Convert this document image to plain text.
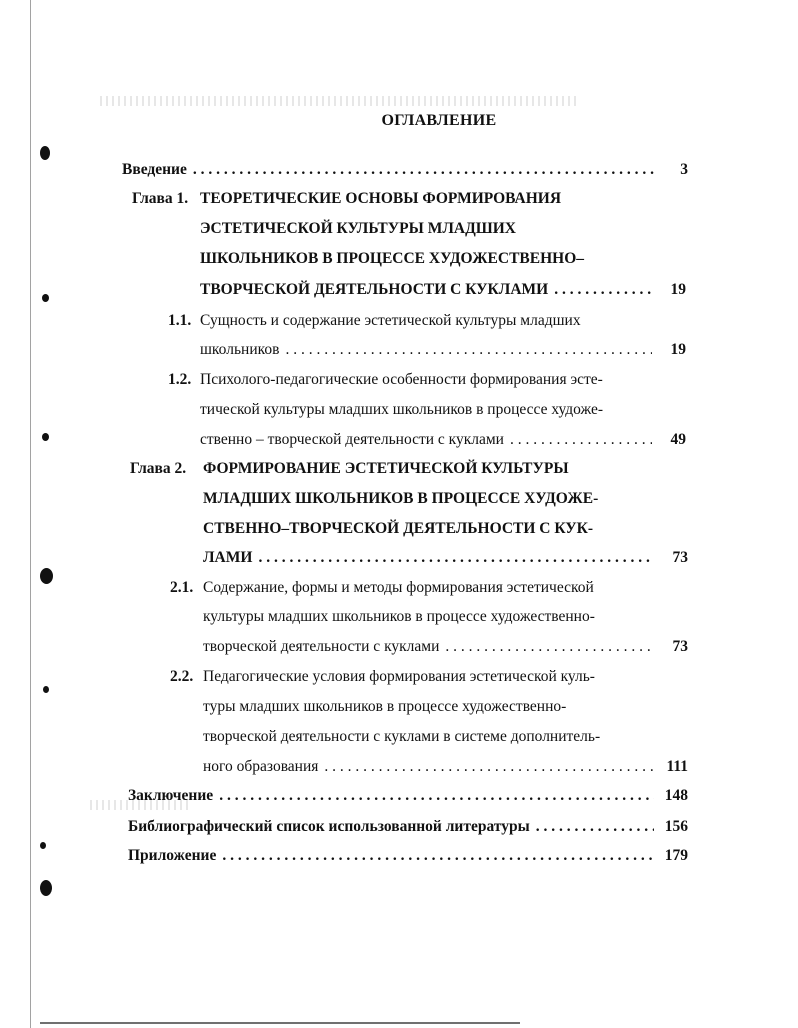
ОГЛАВЛЕНИЕ
Введение . . .	3
Глава 1. ТЕОРЕТИЧЕСКИЕ ОСНОВЫ ФОРМИРОВАНИЯ
ЭСТЕТИЧЕСКОЙ КУЛЬТУРЫ МЛАДШИХ
ШКОЛЬНИКОВ В ПРОЦЕССЕ ХУДОЖЕСТВЕННО–
ТВОРЧЕСКОЙ ДЕЯТЕЛЬНОСТИ С КУКЛАМИ . . .	19
1.1. Сущность и содержание эстетической культуры младших
школьников . . .	19
1.2. Психолого-педагогические особенности формирования эсте-
тической культуры младших школьников в процессе художе-
ственно – творческой деятельности с куклами . . .	49
Глава 2. ФОРМИРОВАНИЕ ЭСТЕТИЧЕСКОЙ КУЛЬТУРЫ
МЛАДШИХ ШКОЛЬНИКОВ В ПРОЦЕССЕ ХУДОЖЕ-
СТВЕННО–ТВОРЧЕСКОЙ ДЕЯТЕЛЬНОСТИ С КУК-
ЛАМИ . . .	73
2.1. Содержание, формы и методы формирования эстетической
культуры младших школьников в процессе художественно-
творческой деятельности с куклами . . .	73
2.2. Педагогические условия формирования эстетической куль-
туры младших школьников в процессе художественно-
творческой деятельности с куклами в системе дополнитель-
ного образования . . .	111
Заключение . . .	148
Библиографический список использованной литературы . . .	156
Приложение . . .	179
